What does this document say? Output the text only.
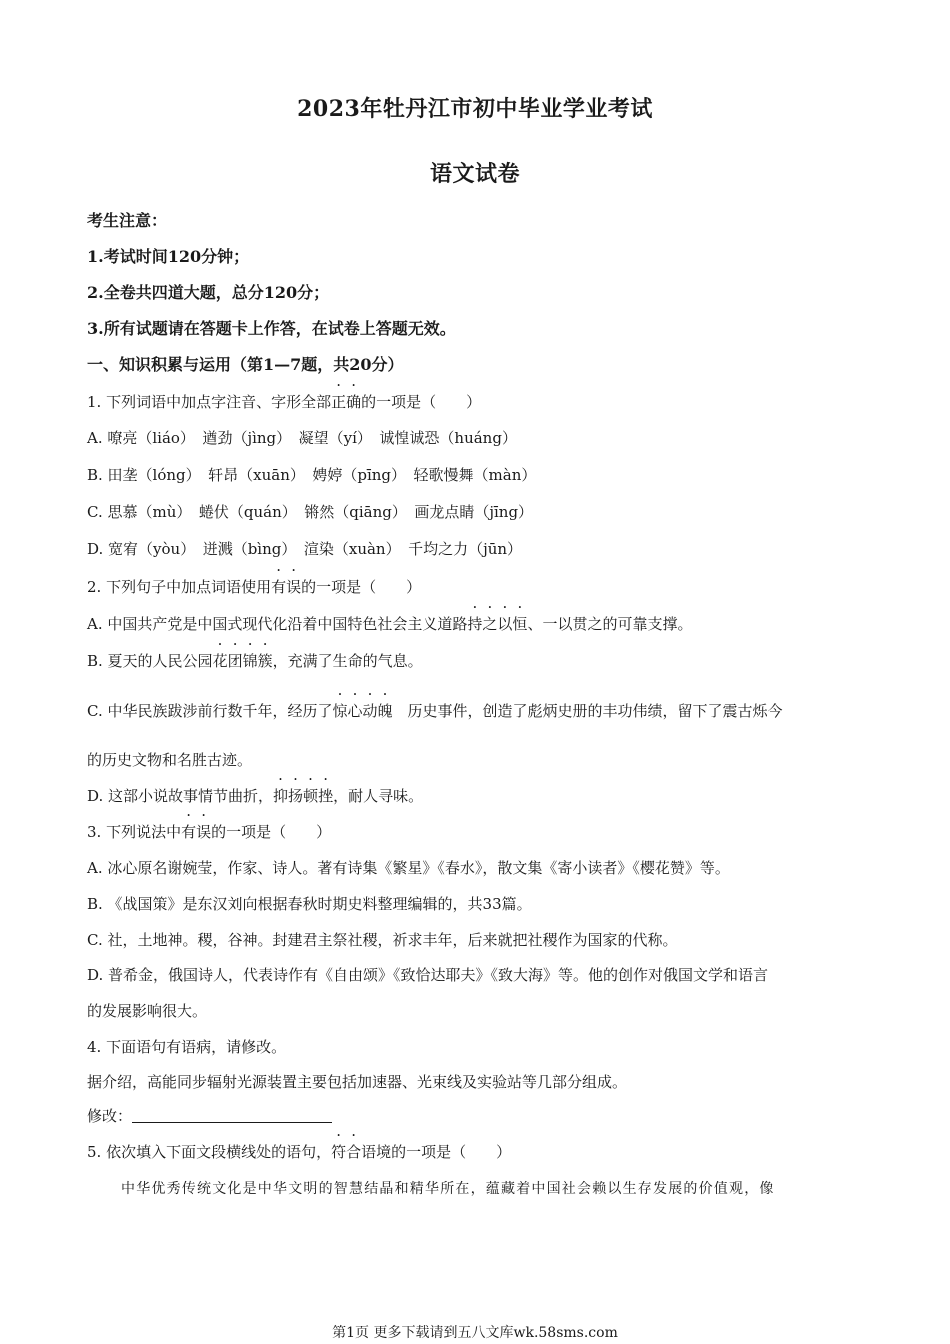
2023年牡丹江市初中毕业学业考试
语文试卷
考生注意：
1.考试时间120分钟；
2.全卷共四道大题，总分120分；
3.所有试题请在答题卡上作答，在试卷上答题无效。
一、知识积累与运用（第1—7题，共20分）
1. 下列词语中加点字注音、字形全部正确的一项是（　　）
A. 嘹亮（liáo）　遒劲（jìng）　凝望（yí）　诚惶诚恐（huáng）
B. 田垄（lóng）　轩昂（xuān）　娉婷（pīng）　轻歌慢舞（màn）
C. 思慕（mù）　蜷伏（quán）　锵然（qiāng）　画龙点睛（jīng）
D. 宽宥（yòu）　迸溅（bìng）　渲染（xuàn）　千均之力（jūn）
2. 下列句子中加点词语使用有误的一项是（　　）
A. 中国共产党是中国式现代化沿着中国特色社会主义道路持之以恒、一以贯之的可靠支撑。
B. 夏天的人民公园花团锦簇，充满了生命的气息。
C. 中华民族跋涉前行数千年，经历了惊心动魄　历史事件，创造了彪炳史册的丰功伟绩，留下了震古烁今
的历史文物和名胜古迹。
D. 这部小说故事情节曲折，抑扬顿挫，耐人寻味。
3. 下列说法中有误的一项是（　　）
A. 冰心原名谢婉莹，作家、诗人。著有诗集《繁星》《春水》，散文集《寄小读者》《樱花赞》等。
B. 《战国策》是东汉刘向根据春秋时期史料整理编辑的，共33篇。
C. 社，土地神。稷，谷神。封建君主祭社稷，祈求丰年，后来就把社稷作为国家的代称。
D. 普希金，俄国诗人，代表诗作有《自由颂》《致恰达耶夫》《致大海》等。他的创作对俄国文学和语言
的发展影响很大。
4. 下面语句有语病，请修改。
据介绍，高能同步辐射光源装置主要包括加速器、光束线及实验站等几部分组成。
修改：
5. 依次填入下面文段横线处的语句，符合语境的一项是（　　）
中华优秀传统文化是中华文明的智慧结晶和精华所在，蕴藏着中国社会赖以生存发展的价值观，像
第1页 更多下载请到五八文库wk.58sms.com
